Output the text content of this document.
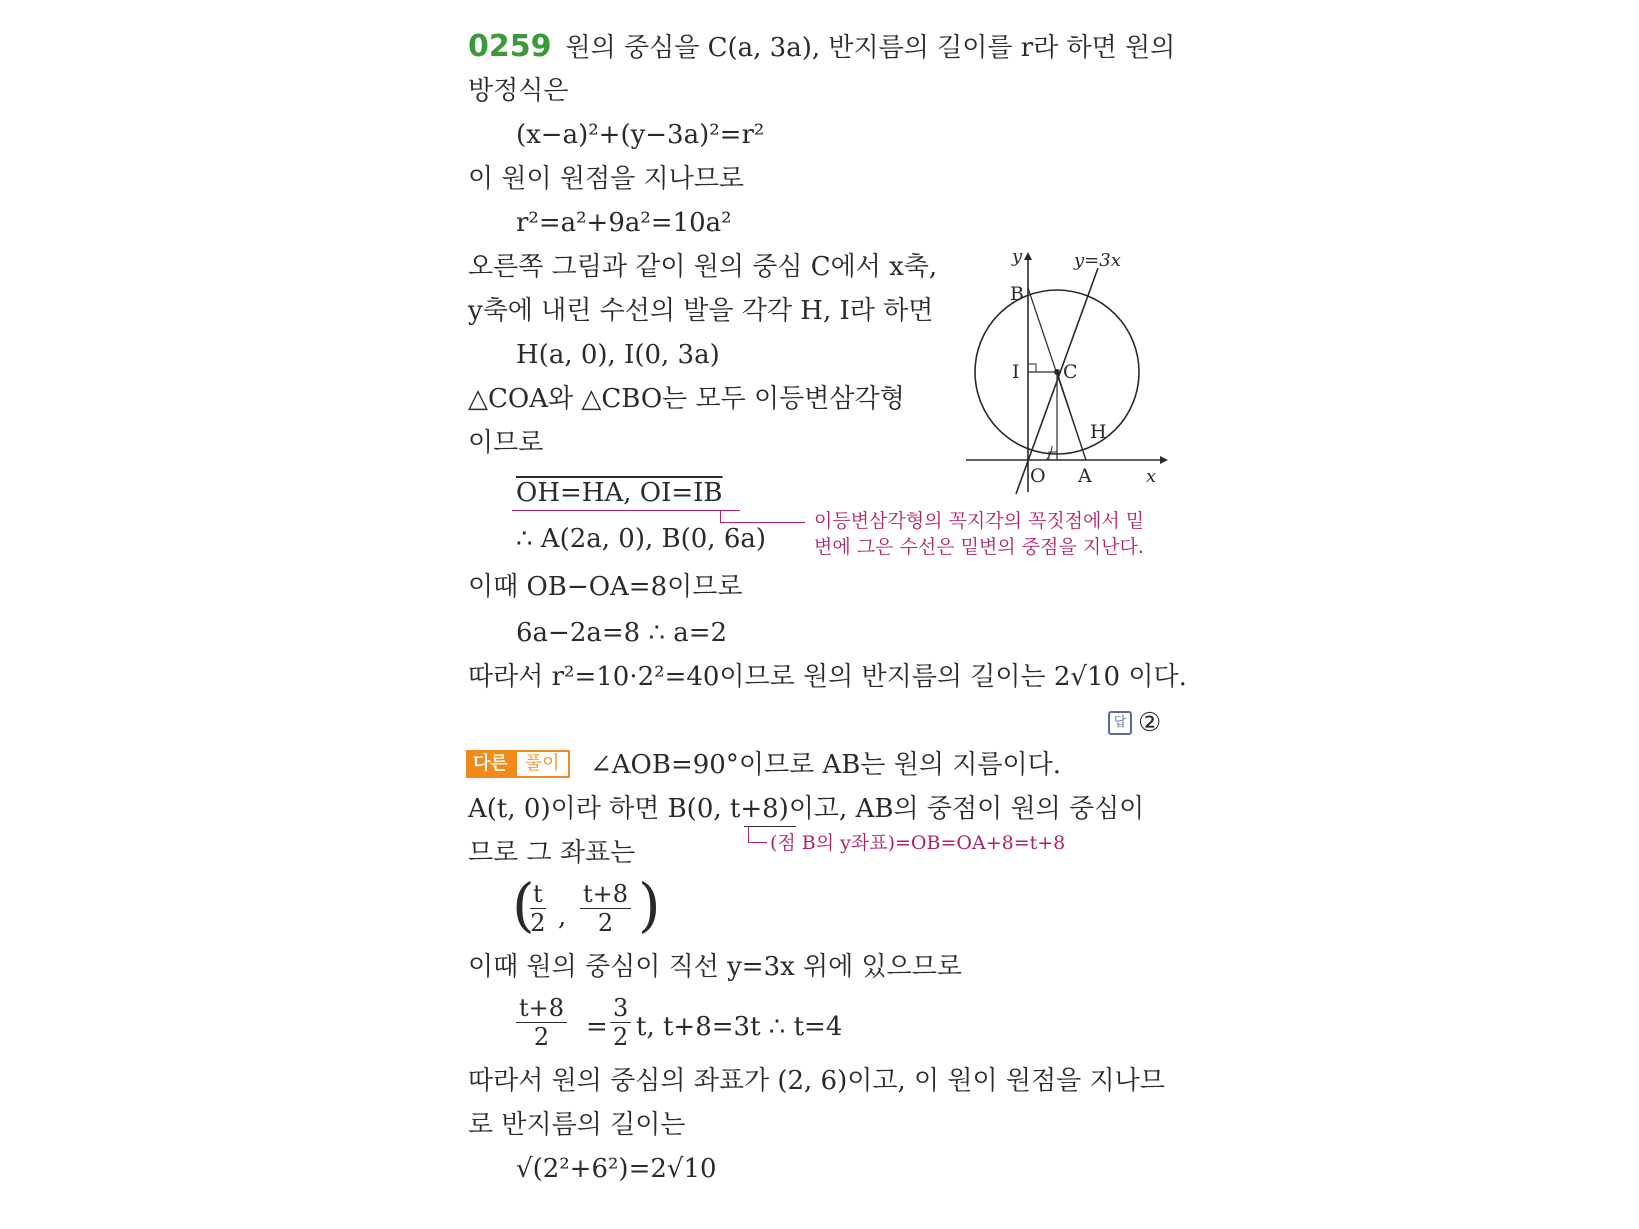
0259 원의 중심을 C(a, 3a), 반지름의 길이를 r라 하면 원의
방정식은
(x−a)²+(y−3a)²=r²
이 원이 원점을 지나므로
r²=a²+9a²=10a²
오른쪽 그림과 같이 원의 중심 C에서 x축,
y축에 내린 수선의 발을 각각 H, I라 하면
H(a, 0), I(0, 3a)
△COA와 △CBO는 모두 이등변삼각형
이므로
OH=HA, OI=IB
∴ A(2a, 0), B(0, 6a)
이등변삼각형의 꼭지각의 꼭짓점에서 밑
변에 그은 수선은 밑변의 중점을 지난다.
이때 OB−OA=8이므로
6a−2a=8 ∴ a=2
따라서 r²=10·2²=40이므로 원의 반지름의 길이는 2√10 이다.
답 ②
y	y=3x
B
C
I
H
O A	x
다른 풀이	∠AOB=90°이므로 AB는 원의 지름이다.
A(t, 0)이라 하면 B(0, t+8)이고, AB의 중점이 원의 중심이
므로 그 좌표는	(점 B의 y좌표)=OB=OA+8=t+8
(
$\frac{t}{2}$ , $\frac{t+8}{2}$ )
이때 원의 중심이 직선 y=3x 위에 있으므로
$\frac{t+8}{2} = \frac{3}{2} t$, t+8=3t ∴ t=4
따라서 원의 중심의 좌표가 (2, 6)이고, 이 원이 원점을 지나므
로 반지름의 길이는
√(2²+6²)=2√10
